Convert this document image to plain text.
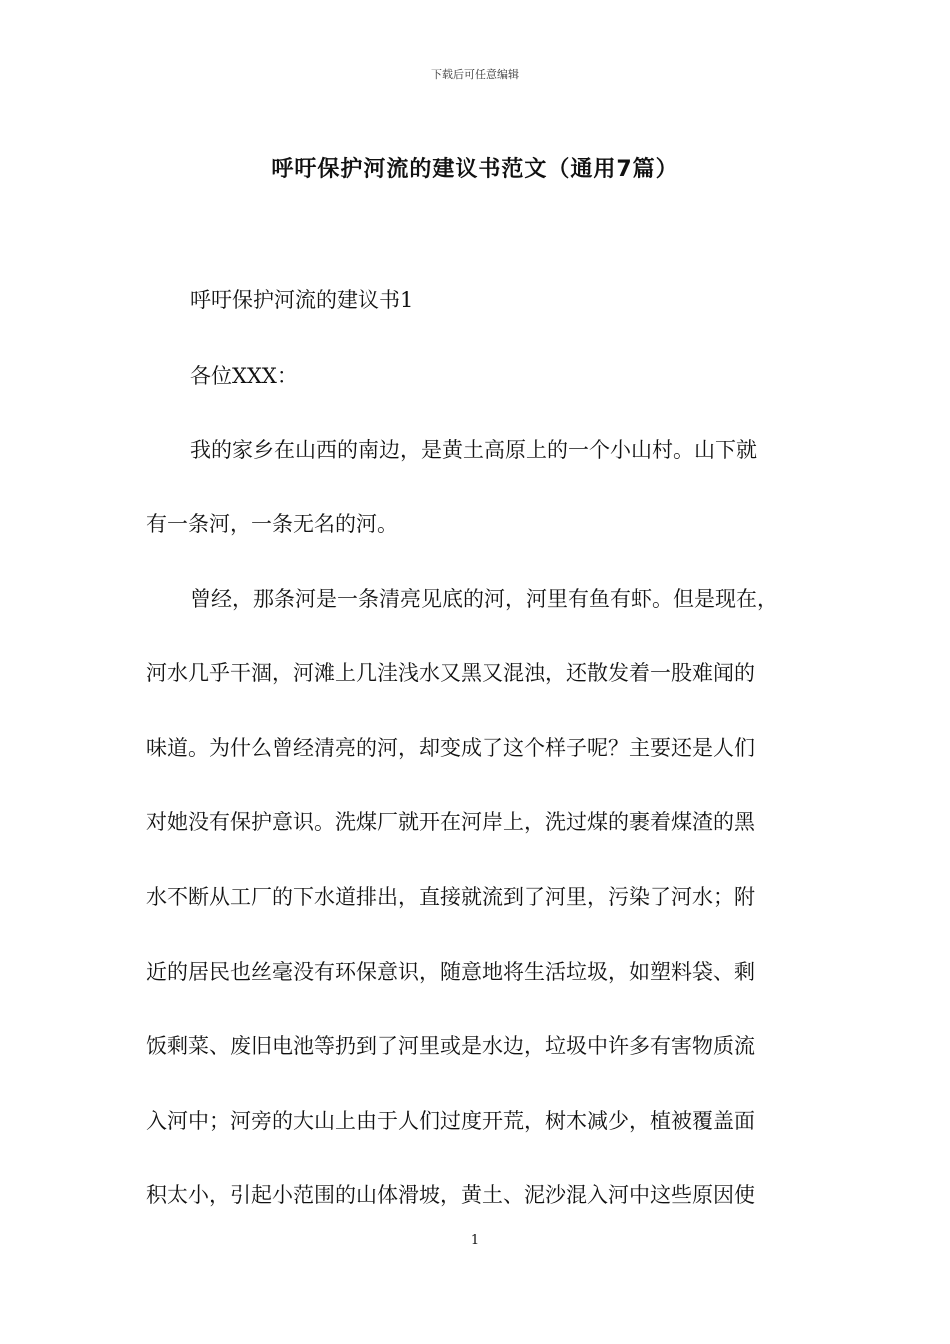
下载后可任意编辑
呼吁保护河流的建议书范文（通用7篇）
呼吁保护河流的建议书1
各位XXX：
我的家乡在山西的南边，是黄土高原上的一个小山村。山下就
有一条河，一条无名的河。
曾经，那条河是一条清亮见底的河，河里有鱼有虾。但是现在，
河水几乎干涸，河滩上几洼浅水又黑又混浊，还散发着一股难闻的
味道。为什么曾经清亮的河，却变成了这个样子呢？主要还是人们
对她没有保护意识。洗煤厂就开在河岸上，洗过煤的裹着煤渣的黑
水不断从工厂的下水道排出，直接就流到了河里，污染了河水；附
近的居民也丝毫没有环保意识，随意地将生活垃圾，如塑料袋、剩
饭剩菜、废旧电池等扔到了河里或是水边，垃圾中许多有害物质流
入河中；河旁的大山上由于人们过度开荒，树木减少，植被覆盖面
积太小，引起小范围的山体滑坡，黄土、泥沙混入河中这些原因使
1
